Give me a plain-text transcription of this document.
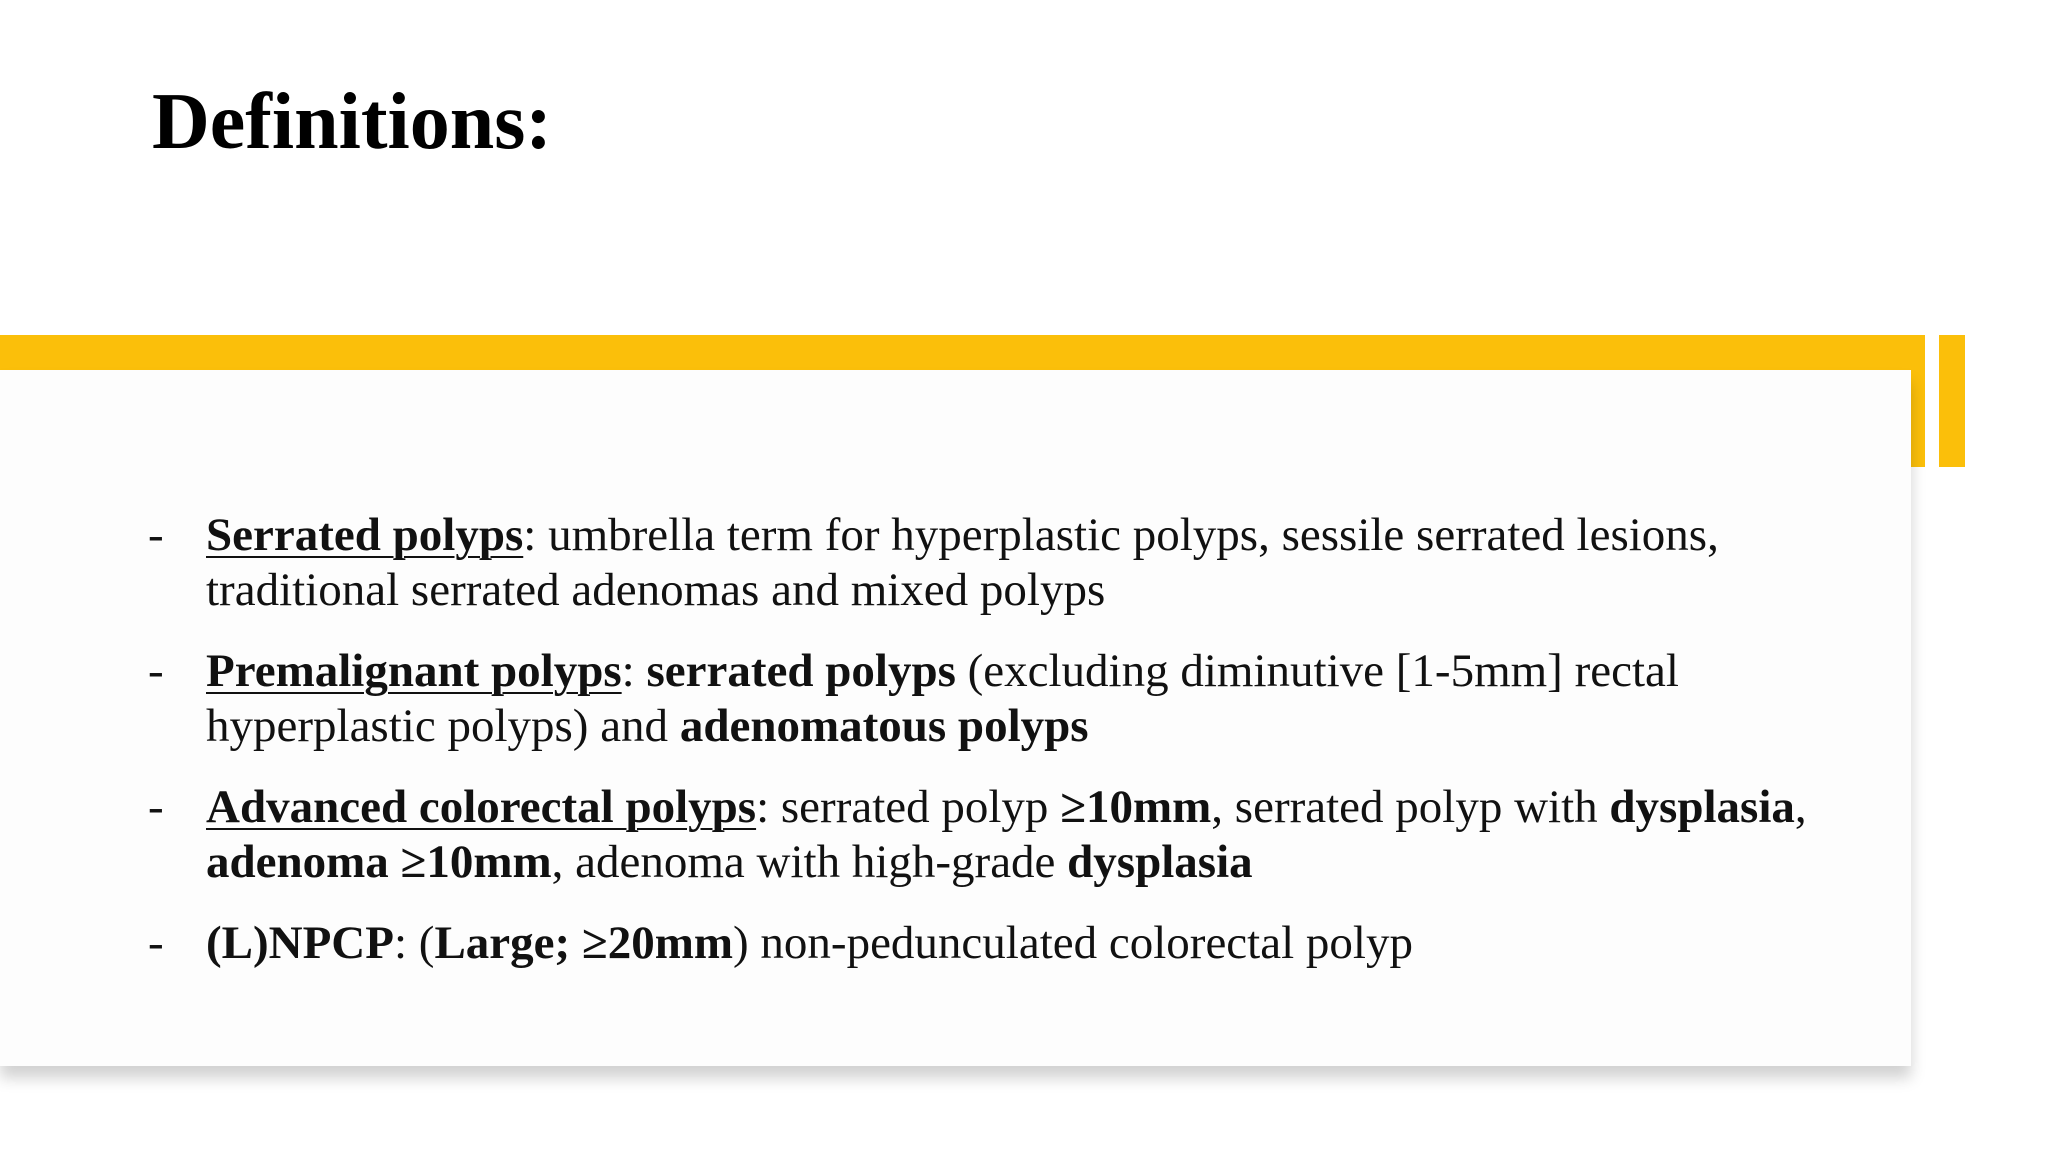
Definitions:
- Serrated polyps: umbrella term for hyperplastic polyps, sessile serrated lesions, traditional serrated adenomas and mixed polyps
- Premalignant polyps: serrated polyps (excluding diminutive [1-5mm] rectal hyperplastic polyps) and adenomatous polyps
- Advanced colorectal polyps: serrated polyp ≥10mm, serrated polyp with dysplasia, adenoma ≥10mm, adenoma with high-grade dysplasia
- (L)NPCP: (Large; ≥20mm) non-pedunculated colorectal polyp
